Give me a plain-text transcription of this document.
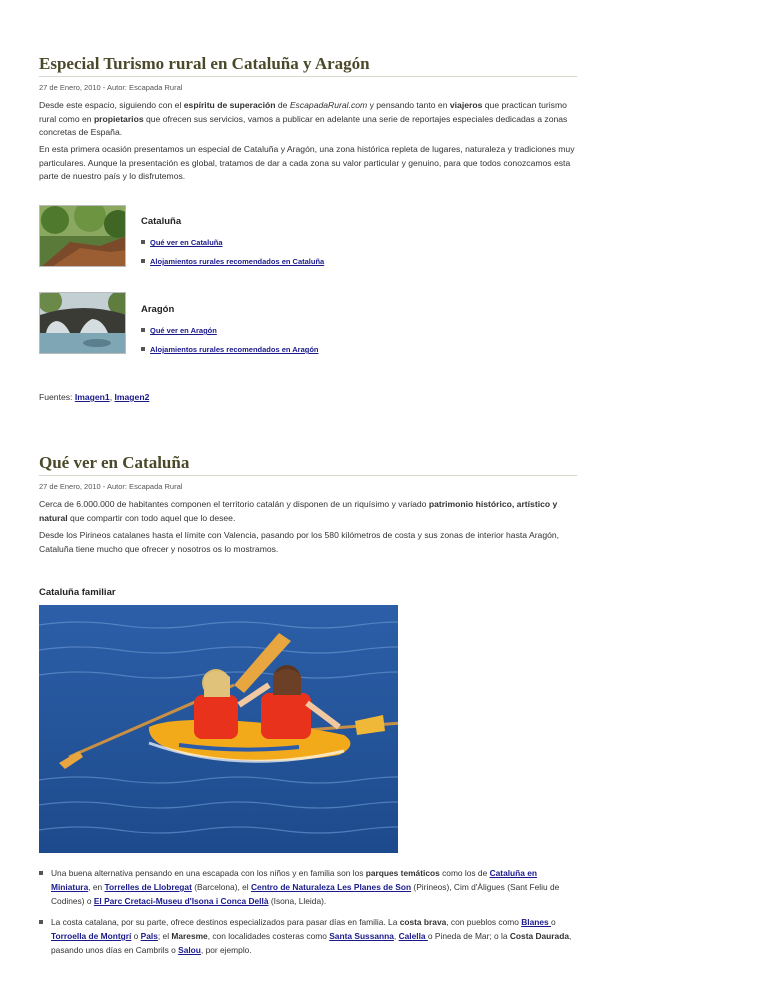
Especial Turismo rural en Cataluña y Aragón
27 de Enero, 2010 - Autor: Escapada Rural

Desde este espacio, siguiendo con el espíritu de superación de EscapadaRural.com y pensando tanto en viajeros que practican turismo rural como en propietarios que ofrecen sus servicios, vamos a publicar en adelante una serie de reportajes especiales dedicadas a zonas concretas de España.

En esta primera ocasión presentamos un especial de Cataluña y Aragón, una zona histórica repleta de lugares, naturaleza y tradiciones muy particulares. Aunque la presentación es global, tratamos de dar a cada zona su valor particular y genuino, para que todos conozcamos esta parte de nuestro país y lo disfrutemos.

Cataluña
Qué ver en Cataluña
Alojamientos rurales recomendados en Cataluña
Aragón
Qué ver en Aragón
Alojamientos rurales recomendados en Aragón

Fuentes: Imagen1, Imagen2

Qué ver en Cataluña
27 de Enero, 2010 - Autor: Escapada Rural

Cerca de 6.000.000 de habitantes componen el territorio catalán y disponen de un riquísimo y variado patrimonio histórico, artístico y natural que compartir con todo aquel que lo desee.

Desde los Pirineos catalanes hasta el límite con Valencia, pasando por los 580 kilómetros de costa y sus zonas de interior hasta Aragón, Cataluña tiene mucho que ofrecer y nosotros os lo mostramos.

Cataluña familiar
Una buena alternativa pensando en una escapada con los niños y en familia son los parques temáticos como los de Cataluña en Miniatura, en Torrelles de Llobregat (Barcelona), el Centro de Naturaleza Les Planes de Son (Pirineos), Cim d'Àligues (Sant Feliu de Codines) o El Parc Cretaci-Museu d'Isona i Conca Dellà (Isona, Lleida).
La costa catalana, por su parte, ofrece destinos especializados para pasar días en familia. La costa brava, con pueblos como Blanes o Torroella de Montgrí o Pals; el Maresme, con localidades costeras como Santa Sussanna, Calella o Pineda de Mar; o la Costa Daurada, pasando unos días en Cambrils o Salou, por ejemplo.
